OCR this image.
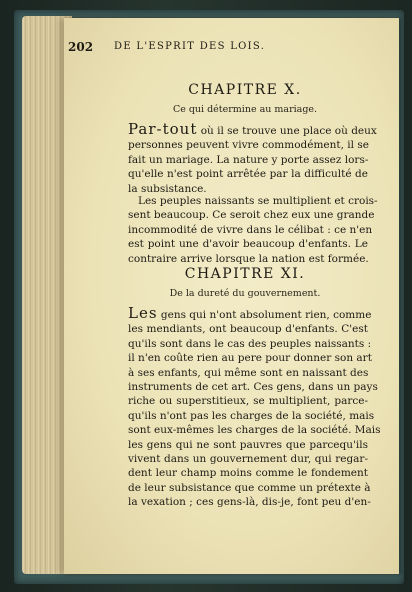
202 DE L'ESPRIT DES LOIS.
CHAPITRE X.
Ce qui détermine au mariage.
Par-tout où il se trouve une place où deux
personnes peuvent vivre commodément, il se
fait un mariage. La nature y porte assez lors-
qu'elle n'est point arrêtée par la difficulté de
la subsistance.
Les peuples naissants se multiplient et crois-
sent beaucoup. Ce seroit chez eux une grande
incommodité de vivre dans le célibat : ce n'en
est point une d'avoir beaucoup d'enfants. Le
contraire arrive lorsque la nation est formée.
CHAPITRE XI.
De la dureté du gouvernement.
Les gens qui n'ont absolument rien, comme
les mendiants, ont beaucoup d'enfants. C'est
qu'ils sont dans le cas des peuples naissants :
il n'en coûte rien au pere pour donner son art
à ses enfants, qui même sont en naissant des
instruments de cet art. Ces gens, dans un pays
riche ou superstitieux, se multiplient, parce-
qu'ils n'ont pas les charges de la société, mais
sont eux-mêmes les charges de la société. Mais
les gens qui ne sont pauvres que parcequ'ils
vivent dans un gouvernement dur, qui regar-
dent leur champ moins comme le fondement
de leur subsistance que comme un prétexte à
la vexation ; ces gens-là, dis-je, font peu d'en-
